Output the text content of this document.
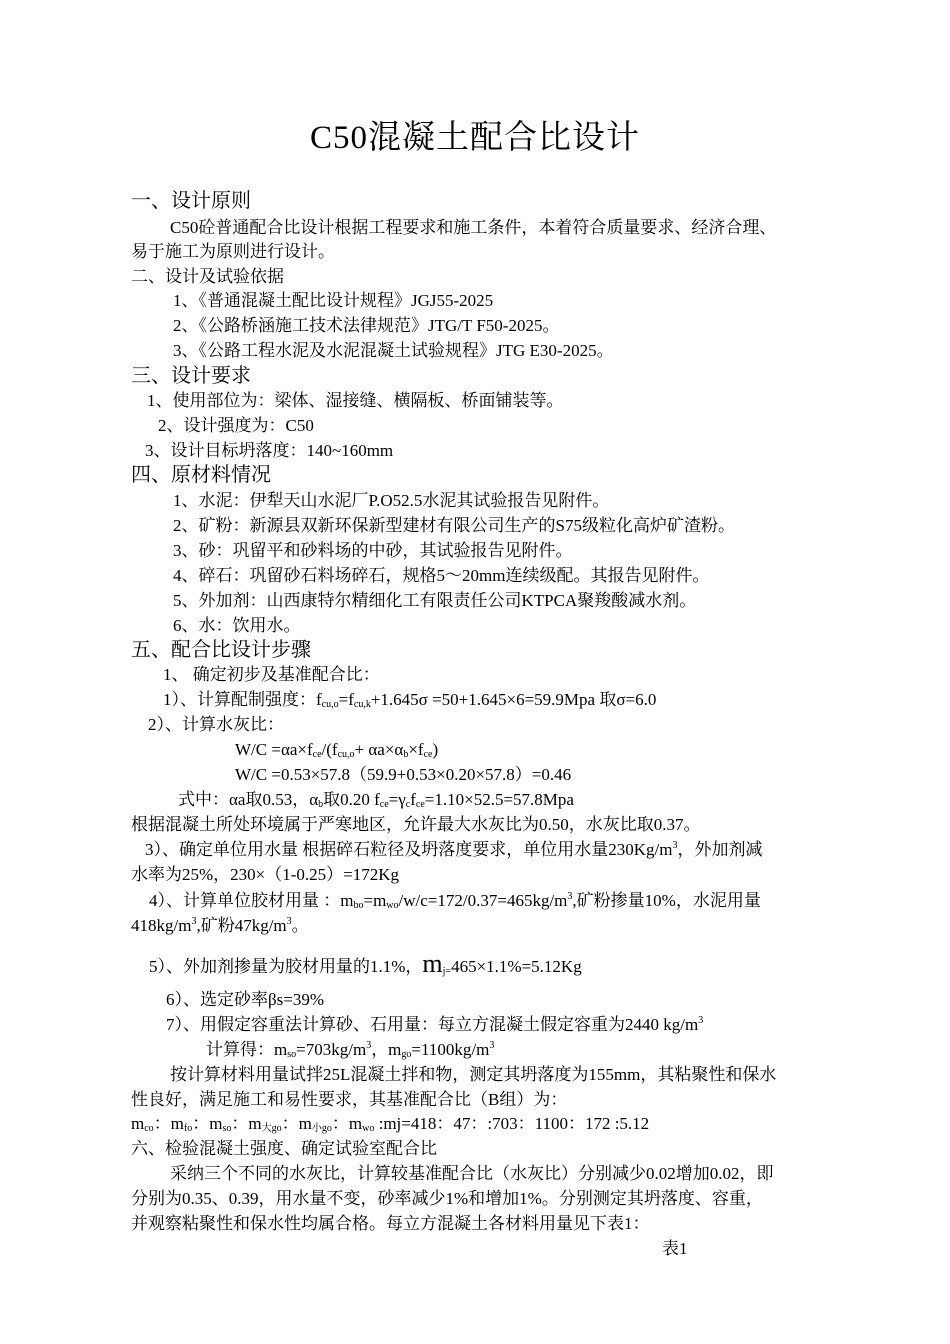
C50混凝土配合比设计
一、设计原则
C50砼普通配合比设计根据工程要求和施工条件，本着符合质量要求、经济合理、
易于施工为原则进行设计。
二、设计及试验依据
1、《普通混凝土配比设计规程》JGJ55-2025
2、《公路桥涵施工技术法律规范》JTG/T F50-2025。
3、《公路工程水泥及水泥混凝土试验规程》JTG E30-2025。
三、设计要求
1、使用部位为：梁体、湿接缝、横隔板、桥面铺装等。
2、设计强度为：C50
3、设计目标坍落度：140~160mm
四、原材料情况
1、水泥：伊犁天山水泥厂P.O52.5水泥其试验报告见附件。
2、矿粉：新源县双新环保新型建材有限公司生产的S75级粒化高炉矿渣粉。
3、砂：巩留平和砂料场的中砂，其试验报告见附件。
4、碎石：巩留砂石料场碎石，规格5～20mm连续级配。其报告见附件。
5、外加剂：山西康特尔精细化工有限责任公司KTPCA聚羧酸减水剂。
6、水：饮用水。
五、配合比设计步骤
1、 确定初步及基准配合比：
1）、计算配制强度：$f_{cu,o}=f_{cu,k}+1.645\sigma =50+1.645\times 6=59.9Mpa$ 取σ=6.0
2）、计算水灰比：
$W/C =\alpha a\times f_{ce}/(f_{cu,o}+ \alpha a\times\alpha_b\times f_{ce})$
W/C =0.53×57.8（59.9+0.53×0.20×57.8）=0.46
式中：αa取0.53，$\alpha_b$取0.20 $f_{ce}=\gamma_cf_{ce}=1.10\times 52.5=57.8Mpa$
根据混凝土所处环境属于严寒地区，允许最大水灰比为0.50，水灰比取0.37。
3）、确定单位用水量 根据碎石粒径及坍落度要求，单位用水量$230Kg/m^3$，外加剂减
水率为25%，230×（1-0.25）=172Kg
4）、计算单位胶材用量 ：$m_{bo}=m_{wo}/w/c=172/0.37=465kg/m^3$,矿粉掺量10%，水泥用量
$418kg/m^3$,矿粉$47kg/m^3$。
5）、外加剂掺量为胶材用量的1.1%，$m_{j=}465\times 1.1\%=5.12Kg$
6）、选定砂率βs=39%
7）、用假定容重法计算砂、石用量：每立方混凝土假定容重为2440 $kg/m^3$
计算得：$m_{so}=703kg/m^3$，$m_{go}=1100kg/m^3$
按计算材料用量试拌25L混凝土拌和物，测定其坍落度为155mm，其粘聚性和保水
性良好，满足施工和易性要求，其基准配合比（B组）为：
$m_{co}$：$m_{fo}$：$m_{so}$：$m_{大go}$：$m_{小go}$：$m_{wo}$ :mj=418：47：:703：1100：172 :5.12
六、检验混凝土强度、确定试验室配合比
采纳三个不同的水灰比，计算较基准配合比（水灰比）分别减少0.02增加0.02，即
分别为0.35、0.39，用水量不变，砂率减少1%和增加1%。分别测定其坍落度、容重，
并观察粘聚性和保水性均属合格。每立方混凝土各材料用量见下表1：
表1
